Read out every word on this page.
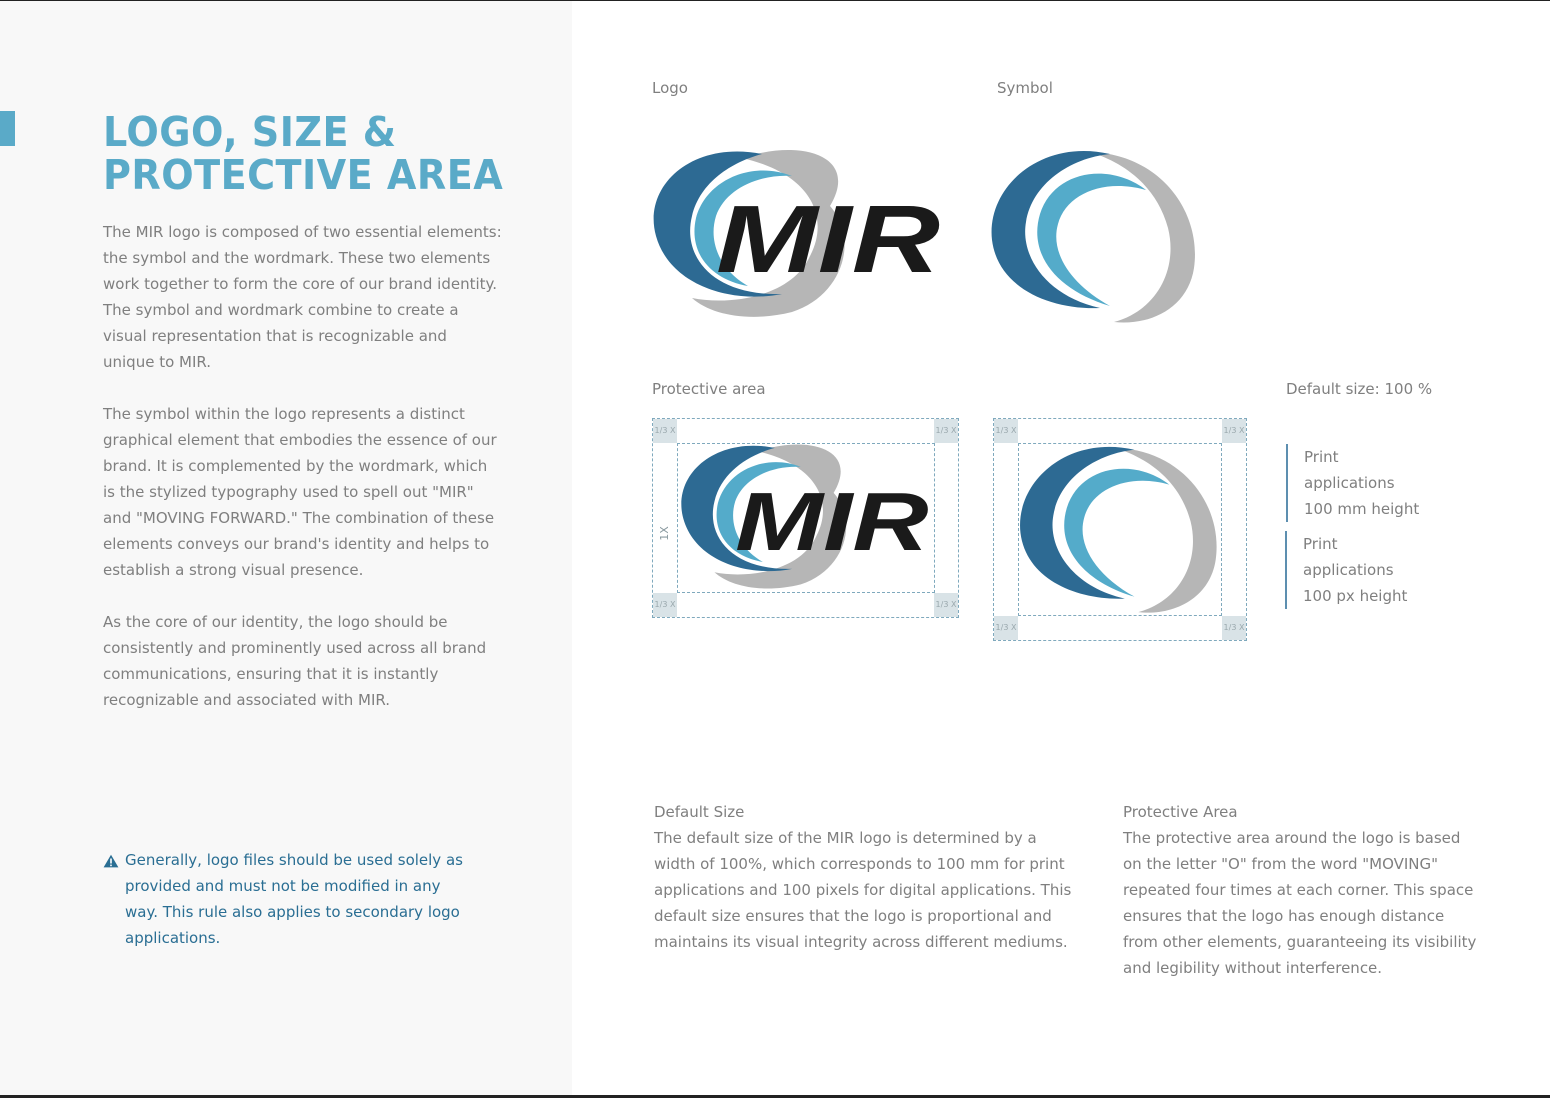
LOGO, SIZE &
PROTECTIVE AREA

The MIR logo is composed of two essential elements: the symbol and the wordmark. These two elements work together to form the core of our brand identity. The symbol and wordmark combine to create a visual representation that is recognizable and unique to MIR.

The symbol within the logo represents a distinct graphical element that embodies the essence of our brand. It is complemented by the wordmark, which is the stylized typography used to spell out "MIR" and "MOVING FORWARD." The combination of these elements conveys our brand's identity and helps to establish a strong visual presence.

As the core of our identity, the logo should be consistently and prominently used across all brand communications, ensuring that it is instantly recognizable and associated with MIR.

Generally, logo files should be used solely as provided and must not be modified in any way. This rule also applies to secondary logo applications.
Logo	Symbol
MIR
Protective area	Default size: 100 %
1/3 X	1/3 X
1/3 X	1/3 X
1X MIR
1/3 X	1/3 X
1/3 X	1/3 X
Print
applications
100 mm height
Print
applications
100 px height
Default Size

The default size of the MIR logo is determined by a width of 100%, which corresponds to 100 mm for print applications and 100 pixels for digital applications. This default size ensures that the logo is proportional and maintains its visual integrity across different mediums.

Protective Area

The protective area around the logo is based on the letter "O" from the word "MOVING" repeated four times at each corner. This space ensures that the logo has enough distance from other elements, guaranteeing its visibility and legibility without interference.
